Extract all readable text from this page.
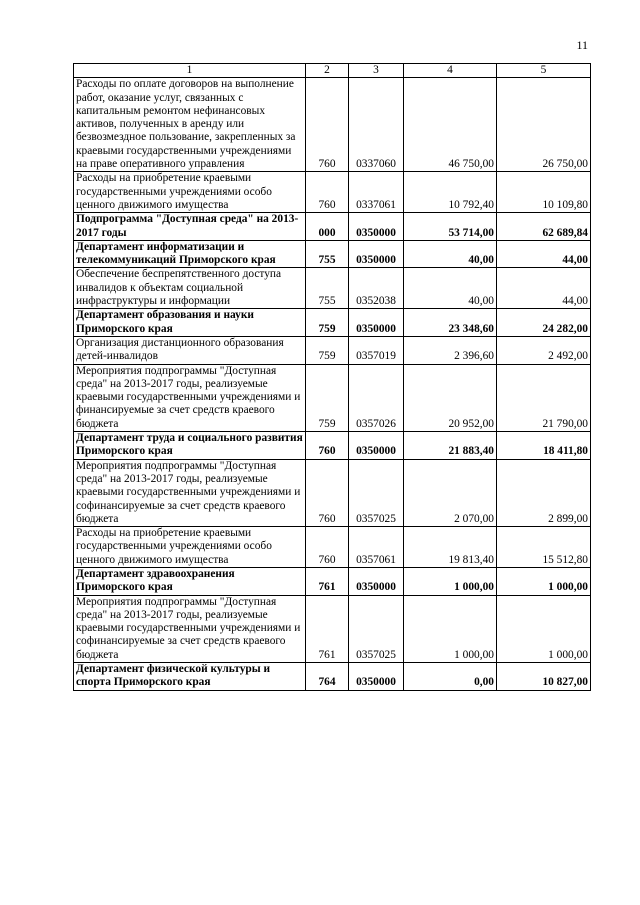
11
1	2	3	4	5
Расходы по оплате договоров на выполнение работ, оказание услуг, связанных с капитальным ремонтом нефинансовых активов, полученных в аренду или безвозмездное пользование, закрепленных за краевыми государственными учреждениями на праве оперативного управления	760	0337060	46 750,00	26 750,00
Расходы на приобретение краевыми государственными учреждениями особо ценного движимого имущества	760	0337061	10 792,40	10 109,80
Подпрограмма "Доступная среда" на 2013-2017 годы	000	0350000	53 714,00	62 689,84
Департамент информатизации и телекоммуникаций Приморского края	755	0350000	40,00	44,00
Обеспечение беспрепятственного доступа инвалидов к объектам социальной инфраструктуры и информации	755	0352038	40,00	44,00
Департамент образования и науки Приморского края	759	0350000	23 348,60	24 282,00
Организация дистанционного образования детей-инвалидов	759	0357019	2 396,60	2 492,00
Мероприятия подпрограммы "Доступная среда" на 2013-2017 годы, реализуемые краевыми государственными учреждениями и финансируемые за счет средств краевого бюджета	759	0357026	20 952,00	21 790,00
Департамент труда и социального развития Приморского края	760	0350000	21 883,40	18 411,80
Мероприятия подпрограммы "Доступная среда" на 2013-2017 годы, реализуемые краевыми государственными учреждениями и софинансируемые за счет средств краевого бюджета	760	0357025	2 070,00	2 899,00
Расходы на приобретение краевыми государственными учреждениями особо ценного движимого имущества	760	0357061	19 813,40	15 512,80
Департамент здравоохранения Приморского края	761	0350000	1 000,00	1 000,00
Мероприятия подпрограммы "Доступная среда" на 2013-2017 годы, реализуемые краевыми государственными учреждениями и софинансируемые за счет средств краевого бюджета	761	0357025	1 000,00	1 000,00
Департамент физической культуры и спорта Приморского края	764	0350000	0,00	10 827,00
